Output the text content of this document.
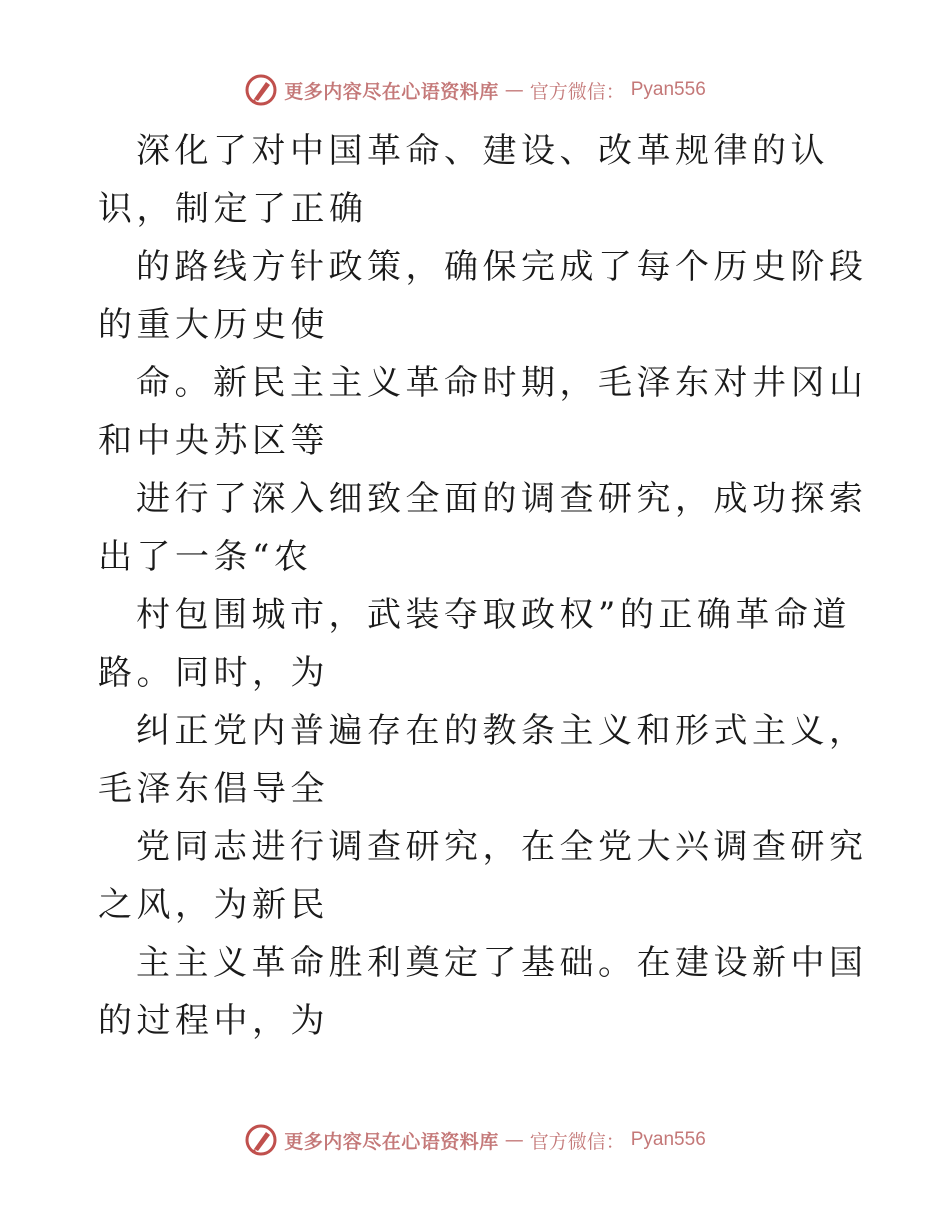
更多内容尽在心语资料库 — 官方微信： Pyan556

深化了对中国革命、建设、改革规律的认识，制定了正确

的路线方针政策，确保完成了每个历史阶段的重大历史使

命。新民主主义革命时期，毛泽东对井冈山和中央苏区等

进行了深入细致全面的调查研究，成功探索出了一条“农

村包围城市，武装夺取政权”的正确革命道路。同时，为

纠正党内普遍存在的教条主义和形式主义，毛泽东倡导全

党同志进行调查研究，在全党大兴调查研究之风，为新民

主主义革命胜利奠定了基础。在建设新中国的过程中，为

更多内容尽在心语资料库 — 官方微信： Pyan556
